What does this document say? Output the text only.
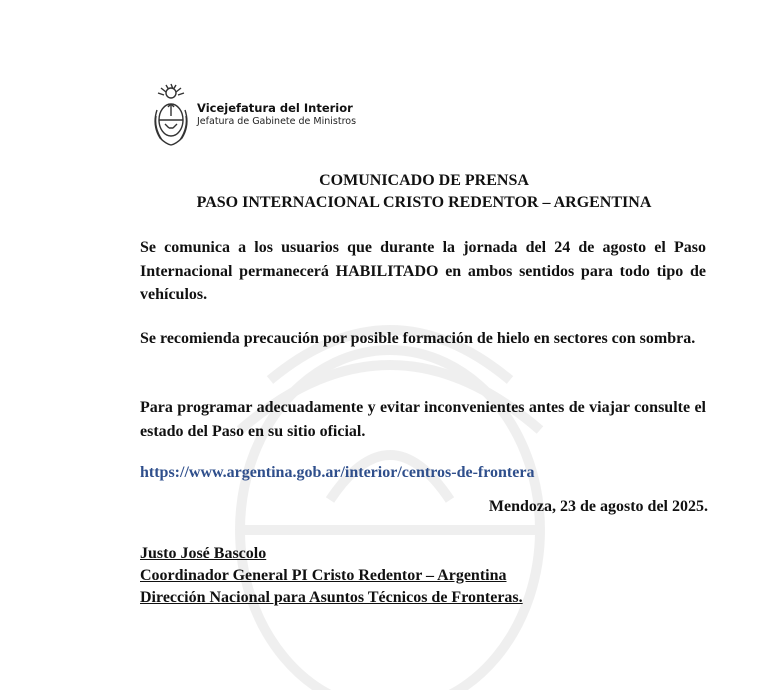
Vicejefatura del Interior
Jefatura de Gabinete de Ministros
COMUNICADO DE PRENSA
PASO INTERNACIONAL CRISTO REDENTOR – ARGENTINA

Se comunica a los usuarios que durante la jornada del 24 de agosto el Paso Internacional permanecerá HABILITADO en ambos sentidos para todo tipo de vehículos.

Se recomienda precaución por posible formación de hielo en sectores con sombra.

Para programar adecuadamente y evitar inconvenientes antes de viajar consulte el estado del Paso en su sitio oficial.

https://www.argentina.gob.ar/interior/centros-de-frontera
Mendoza, 23 de agosto del 2025.
Justo José Bascolo
Coordinador General PI Cristo Redentor – Argentina
Dirección Nacional para Asuntos Técnicos de Fronteras.
